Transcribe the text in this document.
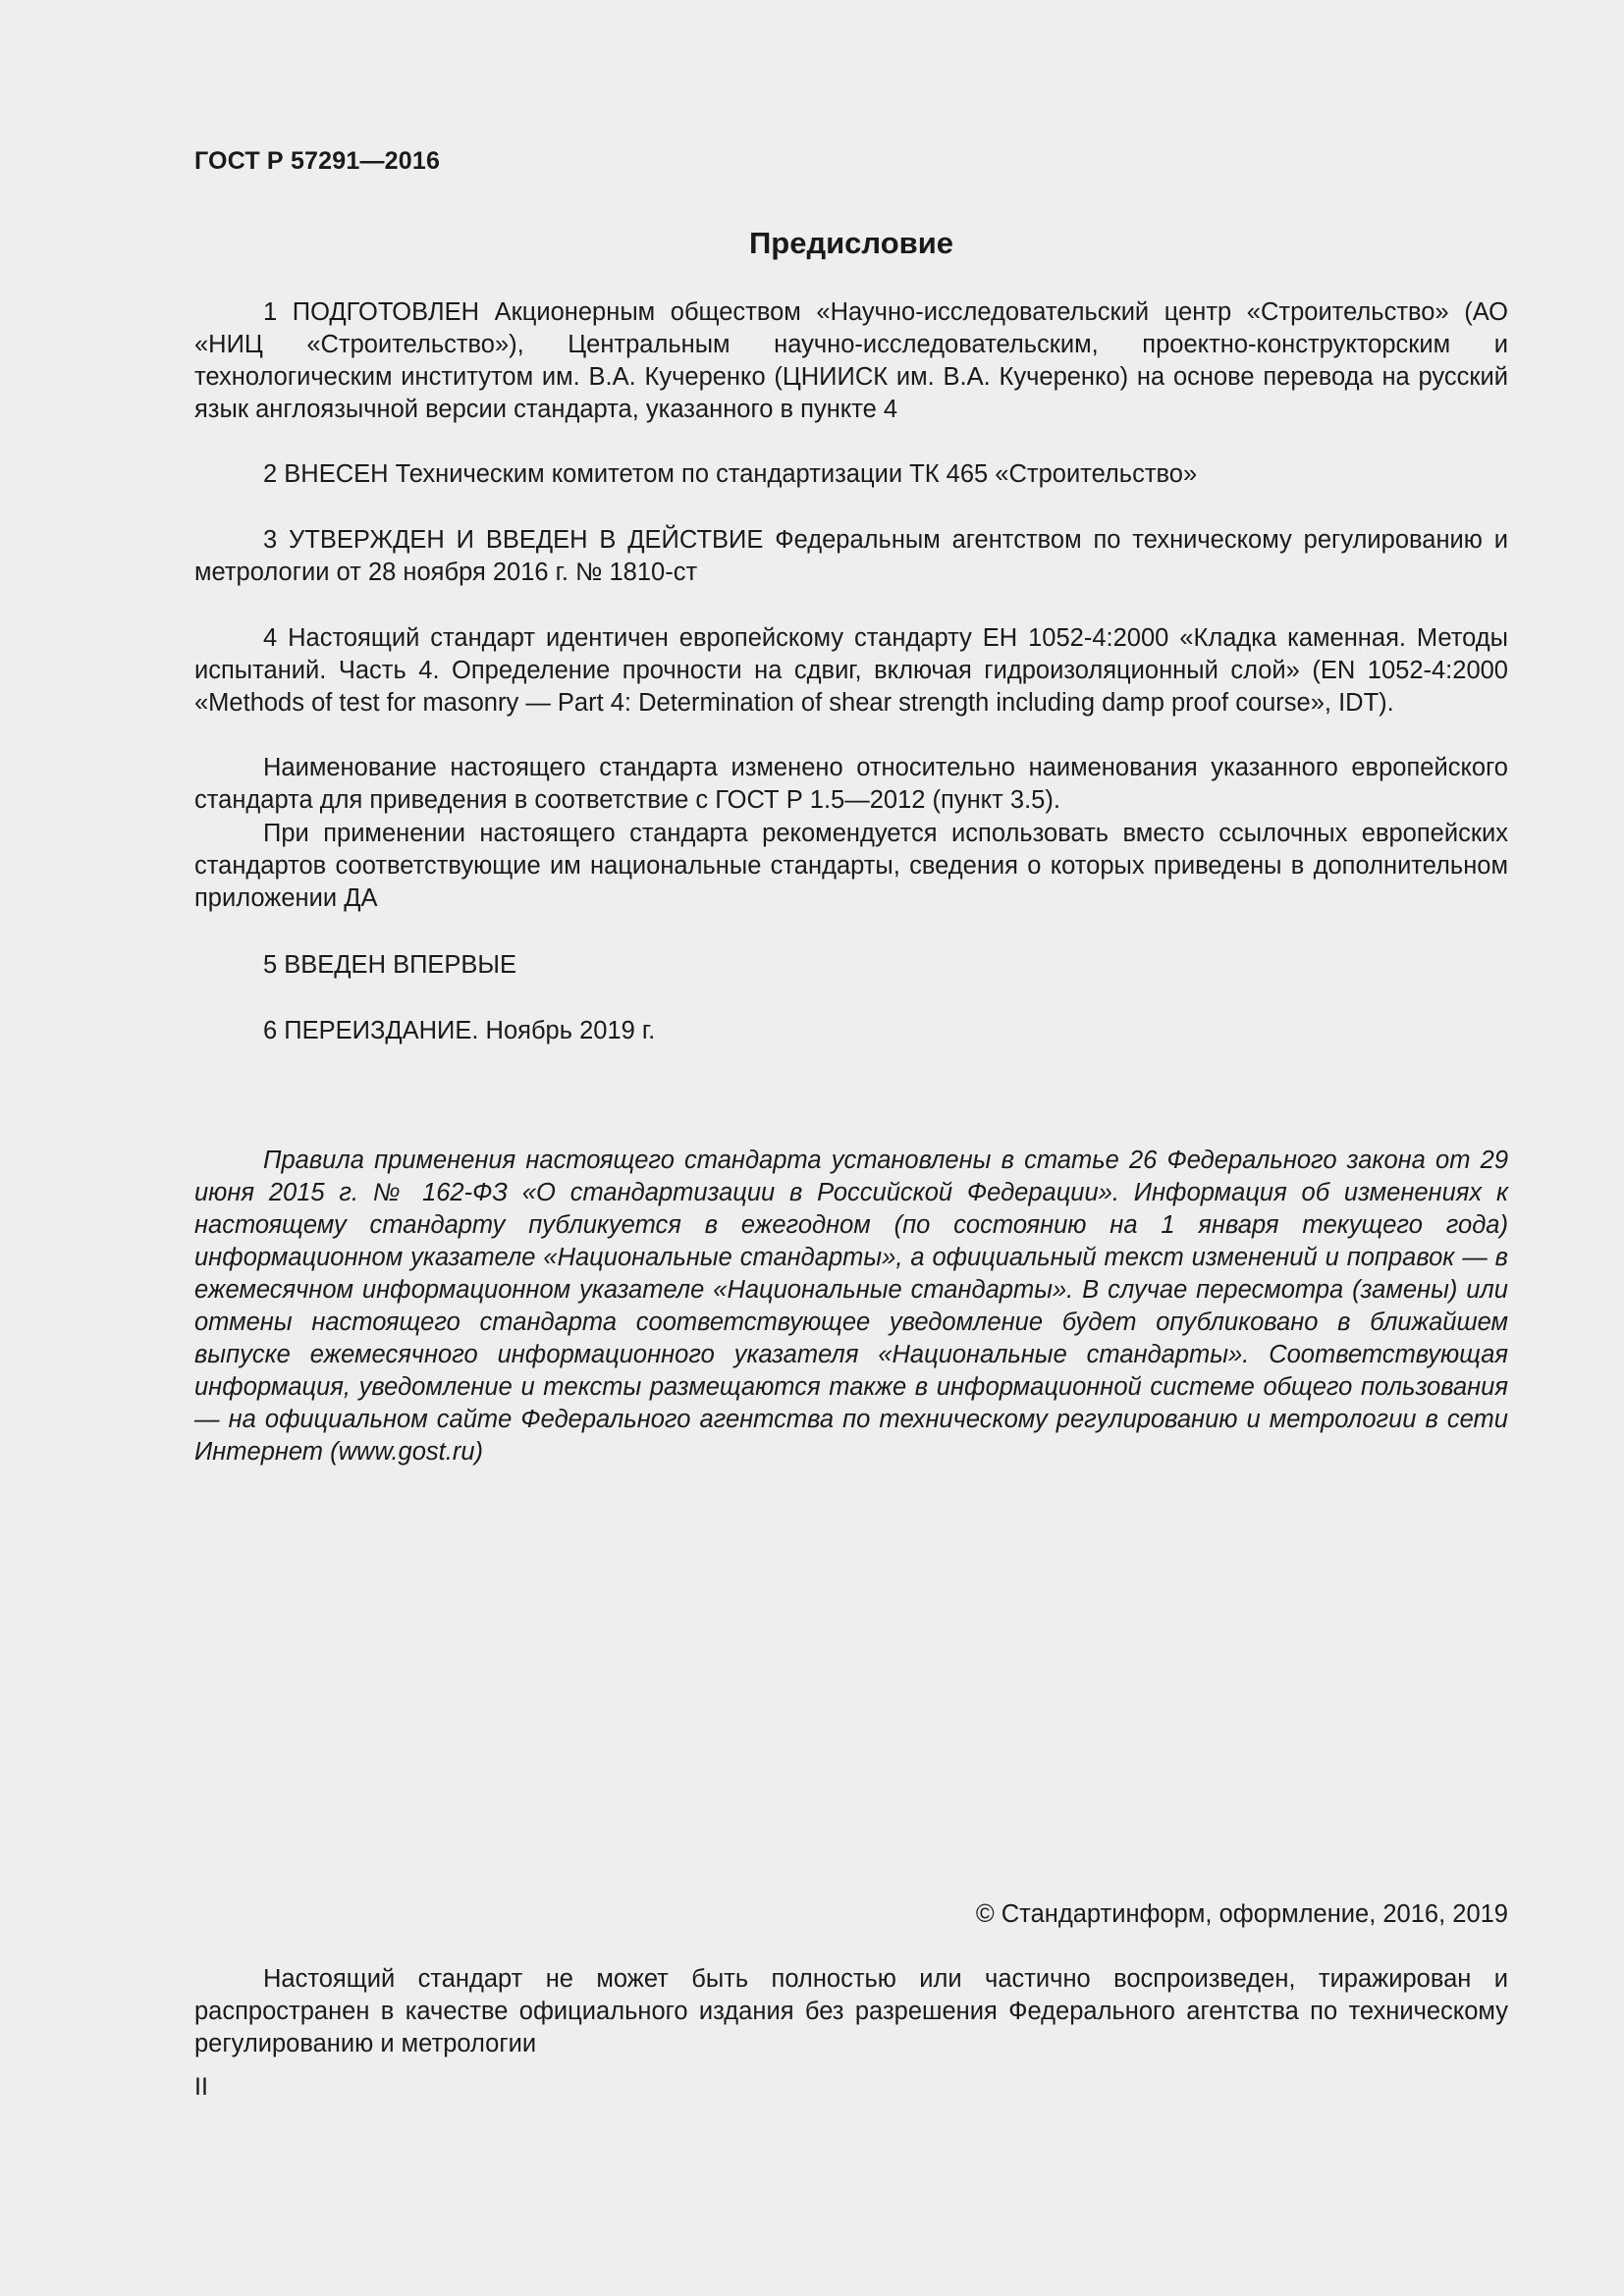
ГОСТ Р 57291—2016
Предисловие

1 ПОДГОТОВЛЕН Акционерным обществом «Научно-исследовательский центр «Строительство» (АО «НИЦ «Строительство»), Центральным научно-исследовательским, проектно-конструкторским и технологическим институтом им. В.А. Кучеренко (ЦНИИСК им. В.А. Кучеренко) на основе перевода на русский язык англоязычной версии стандарта, указанного в пункте 4

2 ВНЕСЕН Техническим комитетом по стандартизации ТК 465 «Строительство»

3 УТВЕРЖДЕН И ВВЕДЕН В ДЕЙСТВИЕ Федеральным агентством по техническому регулированию и метрологии от 28 ноября 2016 г. № 1810-ст

4 Настоящий стандарт идентичен европейскому стандарту ЕН 1052-4:2000 «Кладка каменная. Методы испытаний. Часть 4. Определение прочности на сдвиг, включая гидроизоляционный слой» (EN 1052-4:2000 «Methods of test for masonry — Part 4: Determination of shear strength including damp proof course», IDT).

Наименование настоящего стандарта изменено относительно наименования указанного европейского стандарта для приведения в соответствие с ГОСТ Р 1.5—2012 (пункт 3.5).

При применении настоящего стандарта рекомендуется использовать вместо ссылочных европейских стандартов соответствующие им национальные стандарты, сведения о которых приведены в дополнительном приложении ДА

5 ВВЕДЕН ВПЕРВЫЕ

6 ПЕРЕИЗДАНИЕ. Ноябрь 2019 г.

Правила применения настоящего стандарта установлены в статье 26 Федерального закона от 29 июня 2015 г. № 162-ФЗ «О стандартизации в Российской Федерации». Информация об изменениях к настоящему стандарту публикуется в ежегодном (по состоянию на 1 января текущего года) информационном указателе «Национальные стандарты», а официальный текст изменений и поправок — в ежемесячном информационном указателе «Национальные стандарты». В случае пересмотра (замены) или отмены настоящего стандарта соответствующее уведомление будет опубликовано в ближайшем выпуске ежемесячного информационного указателя «Национальные стандарты». Соответствующая информация, уведомление и тексты размещаются также в информационной системе общего пользования — на официальном сайте Федерального агентства по техническому регулированию и метрологии в сети Интернет (www.gost.ru)

© Стандартинформ, оформление, 2016, 2019

Настоящий стандарт не может быть полностью или частично воспроизведен, тиражирован и распространен в качестве официального издания без разрешения Федерального агентства по техническому регулированию и метрологии

II
